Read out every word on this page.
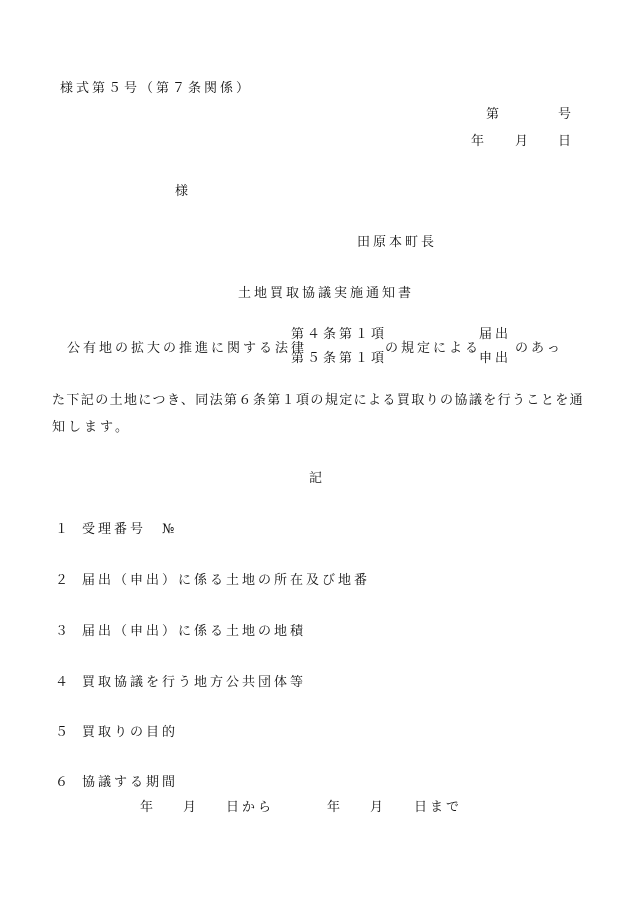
様式第５号（第７条関係）
第	号
年 月 日
様
田原本町長
土地買取協議実施通知書
公有地の拡大の推進に関する法律
第４条第１項
第５条第１項
の規定による
届出
申出
のあっ
た下記の土地につき、同法第６条第１項の規定による買取りの協議を行うことを通
知します。
記
１ 受理番号　№
２ 届出（申出）に係る土地の所在及び地番
３ 届出（申出）に係る土地の地積
４ 買取協議を行う地方公共団体等
５ 買取りの目的
６ 協議する期間
年 月 日から	年 月 日まで
